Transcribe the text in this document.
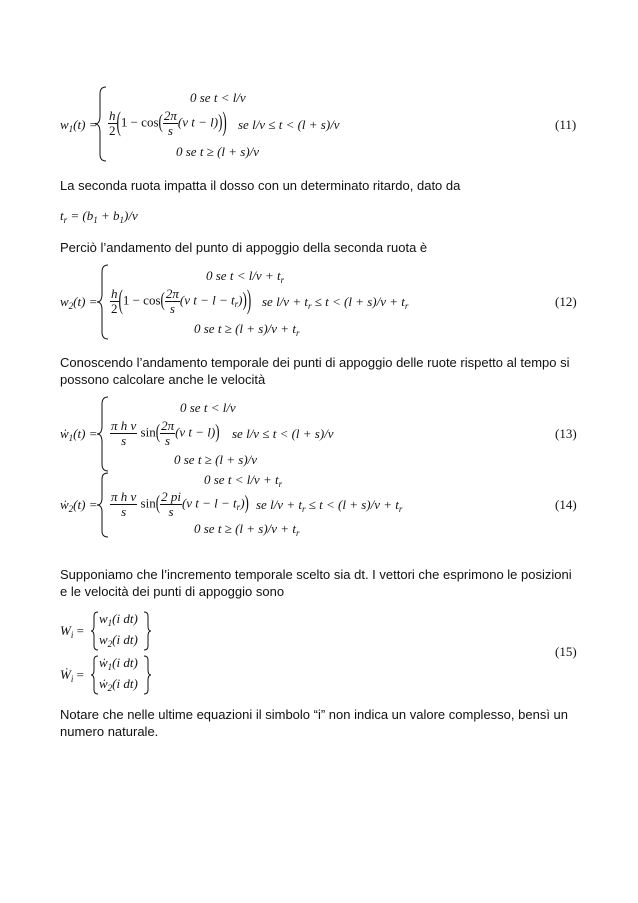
$w_1(t)$ =
0 se t < l/v
$\frac{h}{2} (1 - \cos( \frac{2\pi}{s} (v$ t − l))) se l/v ≤ t < (l + s)/v
0 se t ≥ (l + s)/v
(11)
La seconda ruota impatta il dosso con un determinato ritardo, dato da
$t_r = (b_1 + b_1)/v$
Perciò l’andamento del punto di appoggio della seconda ruota è
$w_2(t)$ =
0 se $t < l/v + t_r$
$\frac{h}{2} (1 - \cos( \frac{2\pi}{s} (v$ $t - l - t_r$))) se $l/v + t_r \le t < (l + s)/v + t_r$
0 se $t \ge (l + s)/v + t_r$
(12)
Conoscendo l’andamento temporale dei punti di appoggio delle ruote rispetto al tempo si possono calcolare anche le velocità
ẇ$_1$(t) =
0 se t < l/v
$\frac{\text{π h v}}{s} \sin( \frac{2\pi}{s} (v$ t − l)) se l/v ≤ t < (l + s)/v
0 se t ≥ (l + s)/v
(13)
ẇ$_2$(t) =
0 se $t < l/v + t_r$
$\frac{\text{π h v}}{s} \sin( \frac{2 pi}{s} (v$ $t - l - t_r$)) se $l/v + t_r \le t < (l + s)/v + t_r$
0 se $t \ge (l + s)/v + t_r$
(14)
Supponiamo che l’incremento temporale scelto sia dt. I vettori che esprimono le posizioni e le velocità dei punti di appoggio sono
$W_i$ =
$w_1(i$ dt)
$w_2(i$ dt)
Ẇ$_i$ =
ẇ$_1$(i dt)
ẇ$_2$(i dt)
(15)
Notare che nelle ultime equazioni il simbolo “i” non indica un valore complesso, bensì un numero naturale.
